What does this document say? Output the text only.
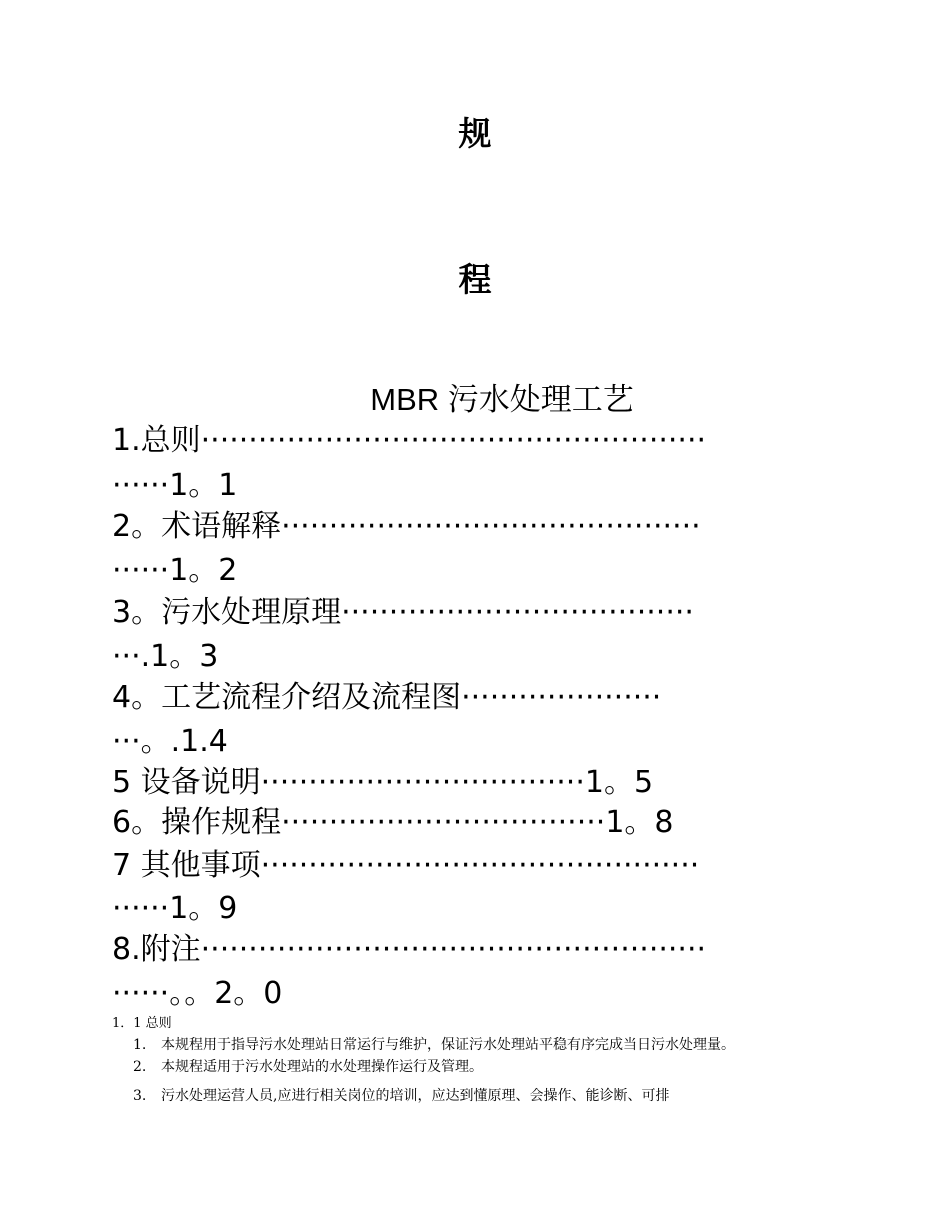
规
程
MBR 污水处理工艺
1.总则·····················································
······1。1
2。术语解释············································
······1。2
3。污水处理原理·····································
···.1。3
4。工艺流程介绍及流程图·····················
···。.1.4
5 设备说明··································1。5
6。操作规程··································1。8
7 其他事项··············································
······1。9
8.附注·····················································
······。。2。0
1．1 总则
1. 本规程用于指导污水处理站日常运行与维护，保证污水处理站平稳有序完成当日污水处理量。
2. 本规程适用于污水处理站的水处理操作运行及管理。
3. 污水处理运营人员,应进行相关岗位的培训，应达到懂原理、会操作、能诊断、可排
